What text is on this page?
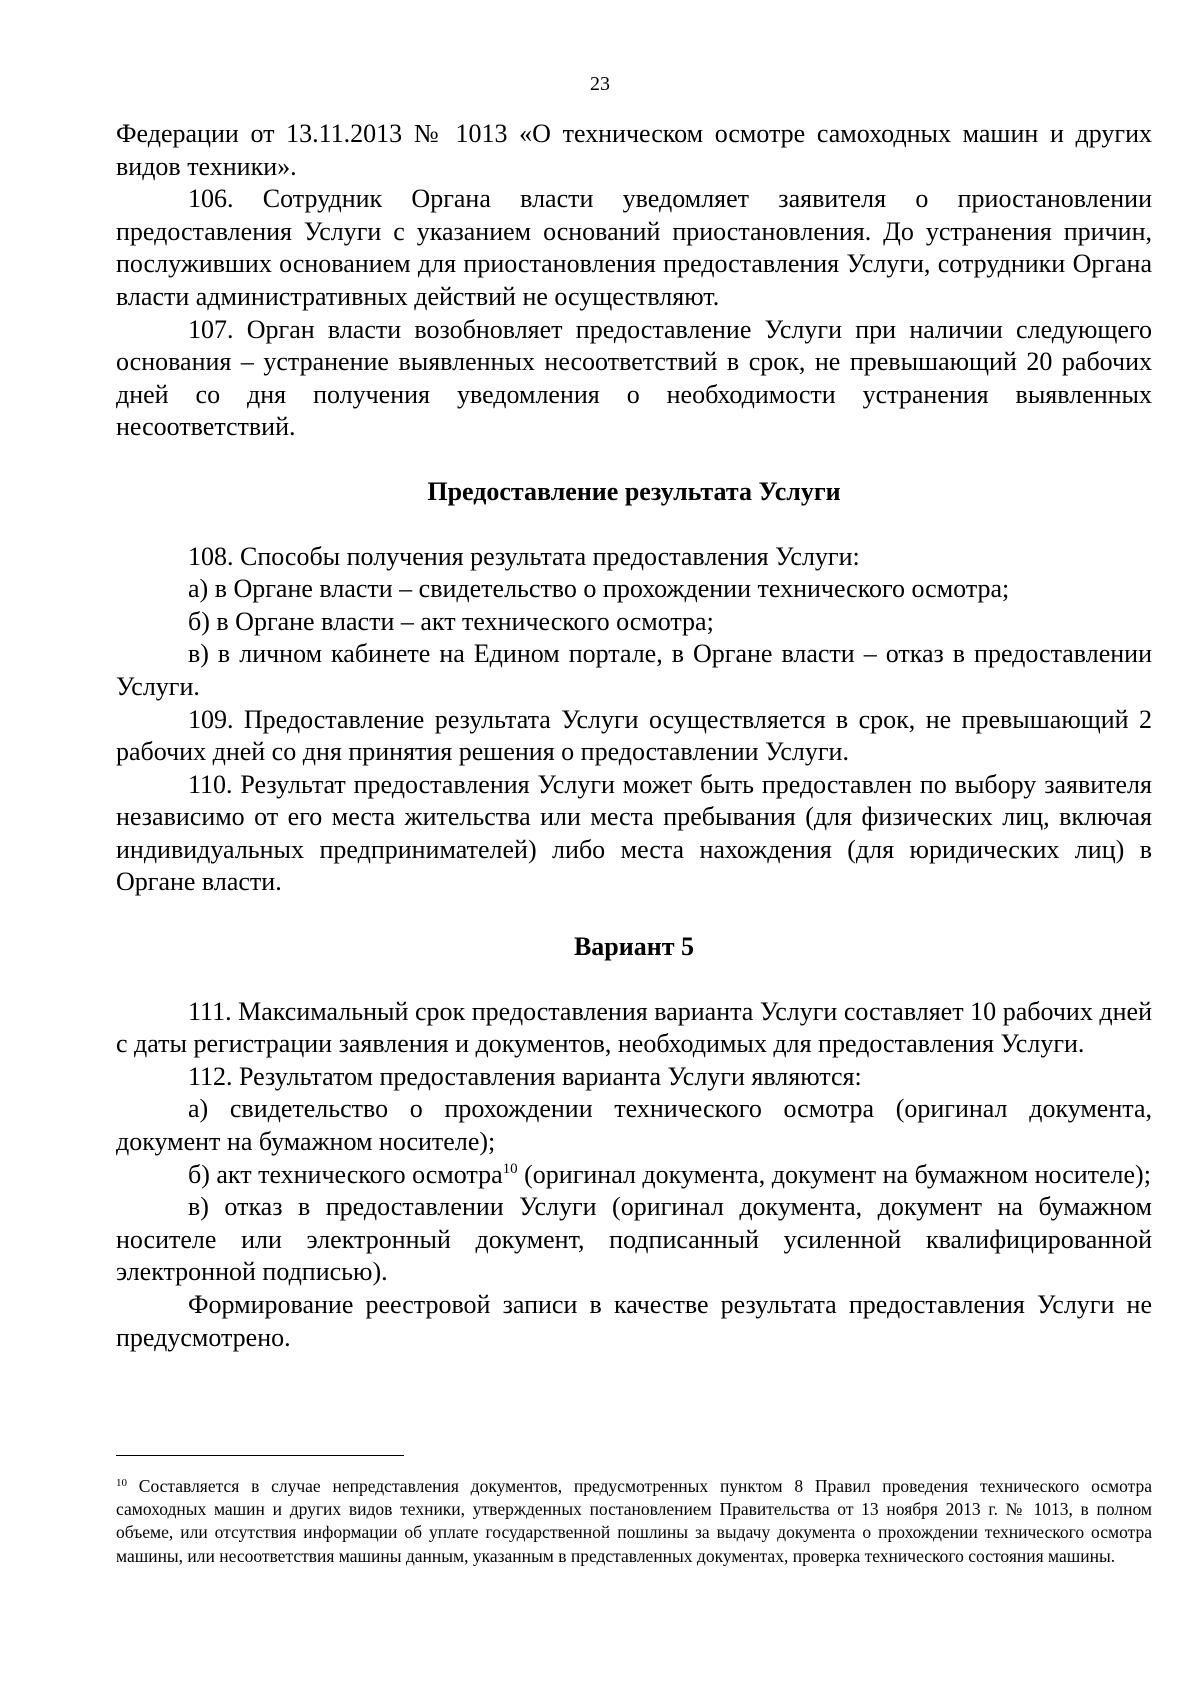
23

Федерации от 13.11.2013 № 1013 «О техническом осмотре самоходных машин и других видов техники».

106. Сотрудник Органа власти уведомляет заявителя о приостановлении предоставления Услуги с указанием оснований приостановления. До устранения причин, послуживших основанием для приостановления предоставления Услуги, сотрудники Органа власти административных действий не осуществляют.

107. Орган власти возобновляет предоставление Услуги при наличии следующего основания – устранение выявленных несоответствий в срок, не превышающий 20 рабочих дней со дня получения уведомления о необходимости устранения выявленных несоответствий.

Предоставление результата Услуги

108. Способы получения результата предоставления Услуги:

а) в Органе власти – свидетельство о прохождении технического осмотра;

б) в Органе власти – акт технического осмотра;

в) в личном кабинете на Едином портале, в Органе власти – отказ в предоставлении Услуги.

109. Предоставление результата Услуги осуществляется в срок, не превышающий 2 рабочих дней со дня принятия решения о предоставлении Услуги.

110. Результат предоставления Услуги может быть предоставлен по выбору заявителя независимо от его места жительства или места пребывания (для физических лиц, включая индивидуальных предпринимателей) либо места нахождения (для юридических лиц) в Органе власти.

Вариант 5

111. Максимальный срок предоставления варианта Услуги составляет 10 рабочих дней с даты регистрации заявления и документов, необходимых для предоставления Услуги.

112. Результатом предоставления варианта Услуги являются:

а) свидетельство о прохождении технического осмотра (оригинал документа, документ на бумажном носителе);

б) акт технического осмотра$^{10}$ (оригинал документа, документ на бумажном носителе);

в) отказ в предоставлении Услуги (оригинал документа, документ на бумажном носителе или электронный документ, подписанный усиленной квалифицированной электронной подписью).

Формирование реестровой записи в качестве результата предоставления Услуги не предусмотрено.

$^{10}$ Составляется в случае непредставления документов, предусмотренных пунктом 8 Правил проведения технического осмотра самоходных машин и других видов техники, утвержденных постановлением Правительства от 13 ноября 2013 г. № 1013, в полном объеме, или отсутствия информации об уплате государственной пошлины за выдачу документа о прохождении технического осмотра машины, или несоответствия машины данным, указанным в представленных документах, проверка технического состояния машины.
